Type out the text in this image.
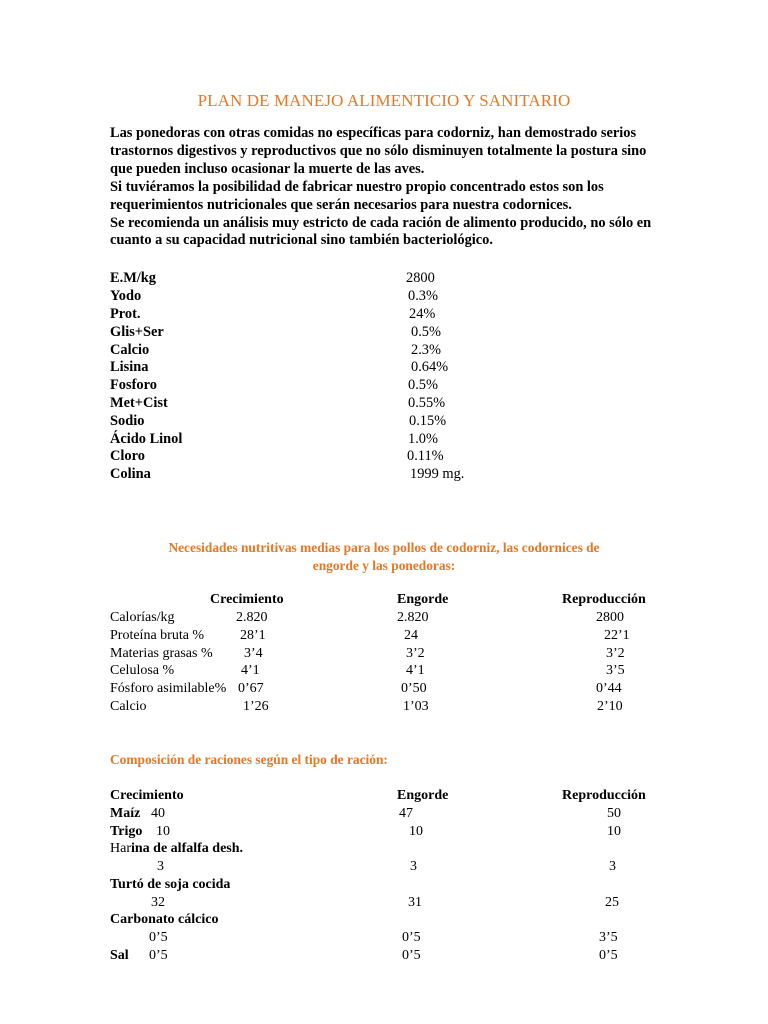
PLAN DE MANEJO ALIMENTICIO Y SANITARIO

Las ponedoras con otras comidas no específicas para codorniz, han demostrado serios trastornos digestivos y reproductivos que no sólo disminuyen totalmente la postura sino que pueden incluso ocasionar la muerte de las aves.

Si tuviéramos la posibilidad de fabricar nuestro propio concentrado estos son los requerimientos nutricionales que serán necesarios para nuestra codornices.

Se recomienda un análisis muy estricto de cada ración de alimento producido, no sólo en cuanto a su capacidad nutricional sino también bacteriológico.

E.M/kg	2800
Yodo	0.3%
Prot.	24%
Glis+Ser	0.5%
Calcio	2.3%
Lisina	0.64%
Fosforo	0.5%
Met+Cist	0.55%
Sodio	0.15%
Ácido Linol	1.0%
Cloro	0.11%
Colina	1999 mg.
Necesidades nutritivas medias para los pollos de codorniz, las codornices de
engorde y las ponedoras:
Crecimiento	Engorde	Reproducción
Calorías/kg	2.820	2.820	2800
Proteína bruta %	28’1	24	22’1
Materias grasas % 3’4	3’2	3’2
Celulosa %	4’1	4’1	3’5
Fósforo asimilable% 0’67	0’50	0’44
Calcio	1’26	1’03	2’10
Composición de raciones según el tipo de ración:
Crecimiento	Engorde	Reproducción
Maíz 40	47	50
Trigo 10	10	10
Harina de alfalfa desh.
3	3	3
Turtó de soja cocida
32	31	25
Carbonato cálcico
0’5	0’5	3’5
Sal 0’5	0’5	0’5
